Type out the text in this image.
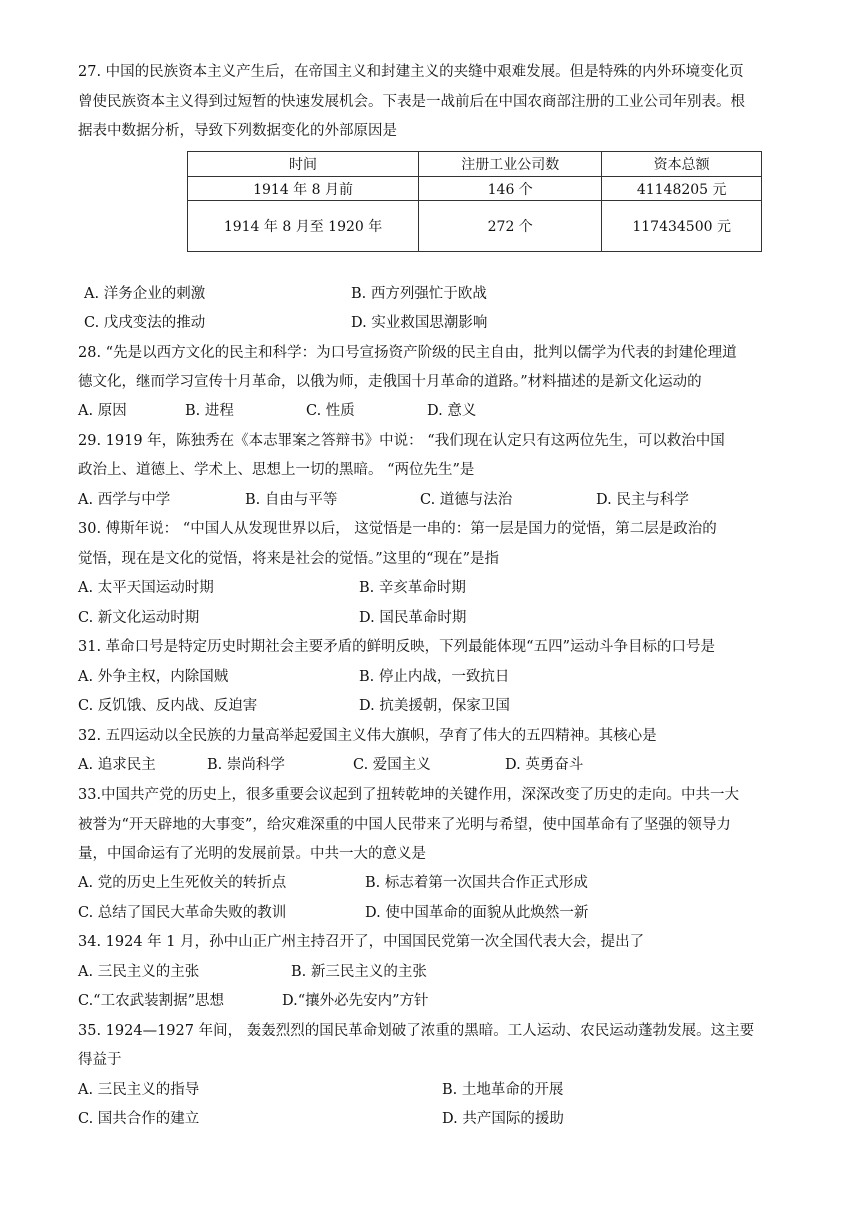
27. 中国的民族资本主义产生后，在帝国主义和封建主义的夹缝中艰难发展。但是特殊的内外环境变化页
曾使民族资本主义得到过短暂的快速发展机会。下表是一战前后在中国农商部注册的工业公司年别表。根
据表中数据分析，导致下列数据变化的外部原因是
时间	注册工业公司数	资本总额
1914 年 8 月前	146 个	41148205 元
1914 年 8 月至 1920 年	272 个	117434500 元
A. 洋务企业的刺激	B. 西方列强忙于欧战
C. 戊戌变法的推动	D. 实业救国思潮影响
28. “先是以西方文化的民主和科学：为口号宣扬资产阶级的民主自由，批判以儒学为代表的封建伦理道
德文化，继而学习宣传十月革命，以俄为师，走俄国十月革命的道路。”材料描述的是新文化运动的
A. 原因	B. 进程	C. 性质	D. 意义
29. 1919 年，陈独秀在《本志罪案之答辩书》中说： “我们现在认定只有这两位先生，可以救治中国
政治上、道德上、学术上、思想上一切的黑暗。 “两位先生”是
A. 西学与中学	B. 自由与平等	C. 道德与法治	D. 民主与科学
30. 傅斯年说： “中国人从发现世界以后， 这觉悟是一串的：第一层是国力的觉悟，第二层是政治的
觉悟，现在是文化的觉悟，将来是社会的觉悟。”这里的“现在”是指
A. 太平天国运动时期	B. 辛亥革命时期
C. 新文化运动时期	D. 国民革命时期
31. 革命口号是特定历史时期社会主要矛盾的鲜明反映，下列最能体现“五四”运动斗争目标的口号是
A. 外争主权，内除国贼	B. 停止内战，一致抗日
C. 反饥饿、反内战、反迫害	D. 抗美援朝，保家卫国
32. 五四运动以全民族的力量高举起爱国主义伟大旗帜，孕育了伟大的五四精神。其核心是
A. 追求民主	B. 崇尚科学	C. 爱国主义	D. 英勇奋斗
33.中国共产党的历史上，很多重要会议起到了扭转乾坤的关键作用，深深改变了历史的走向。中共一大
被誉为“开天辟地的大事变”，给灾难深重的中国人民带来了光明与希望，使中国革命有了坚强的领导力
量，中国命运有了光明的发展前景。中共一大的意义是
A. 党的历史上生死攸关的转折点	B. 标志着第一次国共合作正式形成
C. 总结了国民大革命失败的教训	D. 使中国革命的面貌从此焕然一新
34. 1924 年 1 月，孙中山正广州主持召开了，中国国民党第一次全国代表大会，提出了
A. 三民主义的主张	B. 新三民主义的主张
C.“工农武装割据”思想	D.“攘外必先安内”方针
35. 1924—1927 年间， 轰轰烈烈的国民革命划破了浓重的黑暗。工人运动、农民运动蓬勃发展。这主要
得益于
A. 三民主义的指导	B. 土地革命的开展
C. 国共合作的建立	D. 共产国际的援助
